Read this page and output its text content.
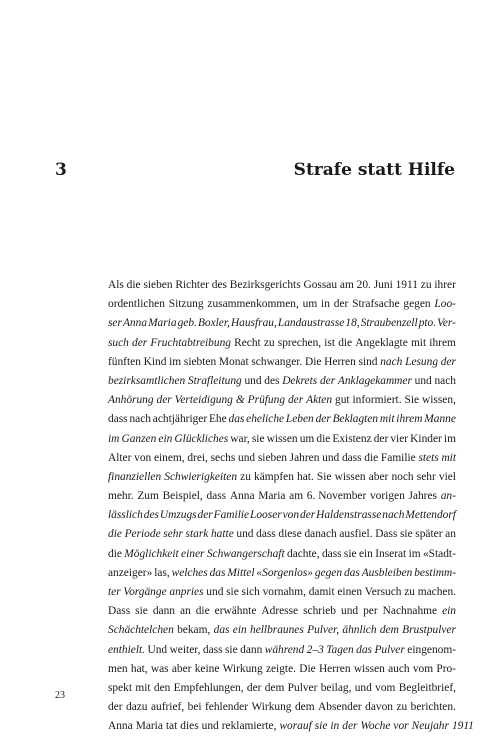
3	Strafe statt Hilfe
Als die sieben Richter des Bezirksgerichts Gossau am 20. Juni 1911 zu ihrer
ordentlichen Sitzung zusammenkommen, um in der Strafsache gegen Loo-
ser Anna Maria geb. Boxler, Hausfrau, Landaustrasse 18, Straubenzell pto. Ver-
such der Fruchtabtreibung Recht zu sprechen, ist die Angeklagte mit ihrem
fünften Kind im siebten Monat schwanger. Die Herren sind nach Lesung der
bezirksamtlichen Strafleitung und des Dekrets der Anklagekammer und nach
Anhörung der Verteidigung & Prüfung der Akten gut informiert. Sie wissen,
dass nach achtjähriger Ehe das eheliche Leben der Beklagten mit ihrem Manne
im Ganzen ein Glückliches war, sie wissen um die Existenz der vier Kinder im
Alter von einem, drei, sechs und sieben Jahren und dass die Familie stets mit
finanziellen Schwierigkeiten zu kämpfen hat. Sie wissen aber noch sehr viel
mehr. Zum Beispiel, dass Anna Maria am 6. November vorigen Jahres an-
lässlich des Umzugs der Familie Looser von der Haldenstrasse nach Mettendorf
die Periode sehr stark hatte und dass diese danach ausfiel. Dass sie später an
die Möglichkeit einer Schwangerschaft dachte, dass sie ein Inserat im «Stadt-
anzeiger» las, welches das Mittel «Sorgenlos» gegen das Ausbleiben bestimm-
ter Vorgänge anpries und sie sich vornahm, damit einen Versuch zu machen.
Dass sie dann an die erwähnte Adresse schrieb und per Nachnahme ein
Schächtelchen bekam, das ein hellbraunes Pulver, ähnlich dem Brustpulver
enthielt. Und weiter, dass sie dann während 2–3 Tagen das Pulver eingenom-
men hat, was aber keine Wirkung zeigte. Die Herren wissen auch vom Pro-
spekt mit den Empfehlungen, der dem Pulver beilag, und vom Begleitbrief,
der dazu aufrief, bei fehlender Wirkung dem Absender davon zu berichten.
Anna Maria tat dies und reklamierte, worauf sie in der Woche vor Neujahr 1911
23
